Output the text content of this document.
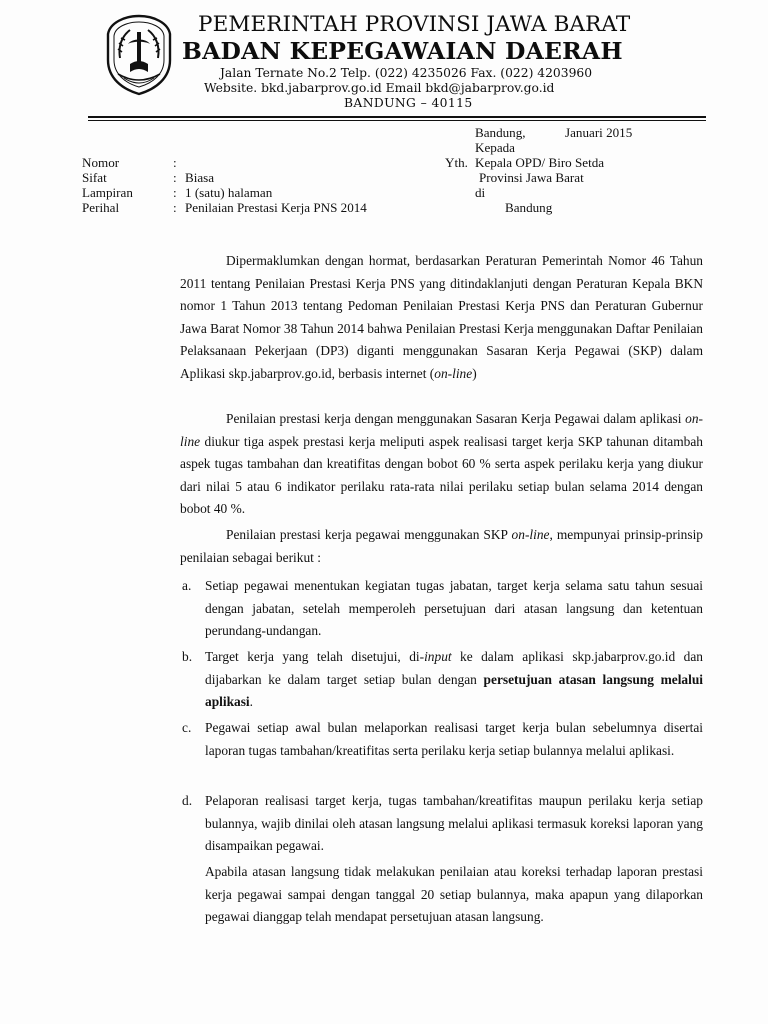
PEMERINTAH PROVINSI JAWA BARAT
BADAN KEPEGAWAIAN DAERAH
Jalan Ternate No.2 Telp. (022) 4235026 Fax. (022) 4203960
Website. bkd.jabarprov.go.id Email bkd@jabarprov.go.id
BANDUNG – 40115
Bandung,	Januari 2015
Kepada
Yth. Kepala OPD/ Biro Setda
Provinsi Jawa Barat
di
Bandung
Nomor	:
Sifat	: Biasa
Lampiran	: 1 (satu) halaman
Perihal	: Penilaian Prestasi Kerja PNS 2014

Dipermaklumkan dengan hormat, berdasarkan Peraturan Pemerintah Nomor 46 Tahun 2011 tentang Penilaian Prestasi Kerja PNS yang ditindaklanjuti dengan Peraturan Kepala BKN nomor 1 Tahun 2013 tentang Pedoman Penilaian Prestasi Kerja PNS dan Peraturan Gubernur Jawa Barat Nomor 38 Tahun 2014 bahwa Penilaian Prestasi Kerja menggunakan Daftar Penilaian Pelaksanaan Pekerjaan (DP3) diganti menggunakan Sasaran Kerja Pegawai (SKP) dalam Aplikasi skp.jabarprov.go.id, berbasis internet (on-line)

Penilaian prestasi kerja dengan menggunakan Sasaran Kerja Pegawai dalam aplikasi on-line diukur tiga aspek prestasi kerja meliputi aspek realisasi target kerja SKP tahunan ditambah aspek tugas tambahan dan kreatifitas dengan bobot 60 % serta aspek perilaku kerja yang diukur dari nilai 5 atau 6 indikator perilaku rata-rata nilai perilaku setiap bulan selama 2014 dengan bobot 40 %.

Penilaian prestasi kerja pegawai menggunakan SKP on-line, mempunyai prinsip-prinsip penilaian sebagai berikut :

a. Setiap pegawai menentukan kegiatan tugas jabatan, target kerja selama satu tahun sesuai dengan jabatan, setelah memperoleh persetujuan dari atasan langsung dan ketentuan perundang-undangan.

b. Target kerja yang telah disetujui, di-input ke dalam aplikasi skp.jabarprov.go.id dan dijabarkan ke dalam target setiap bulan dengan persetujuan atasan langsung melalui aplikasi.

c. Pegawai setiap awal bulan melaporkan realisasi target kerja bulan sebelumnya disertai laporan tugas tambahan/kreatifitas serta perilaku kerja setiap bulannya melalui aplikasi.

d. Pelaporan realisasi target kerja, tugas tambahan/kreatifitas maupun perilaku kerja setiap bulannya, wajib dinilai oleh atasan langsung melalui aplikasi termasuk koreksi laporan yang disampaikan pegawai.

Apabila atasan langsung tidak melakukan penilaian atau koreksi terhadap laporan prestasi kerja pegawai sampai dengan tanggal 20 setiap bulannya, maka apapun yang dilaporkan pegawai dianggap telah mendapat persetujuan atasan langsung.
